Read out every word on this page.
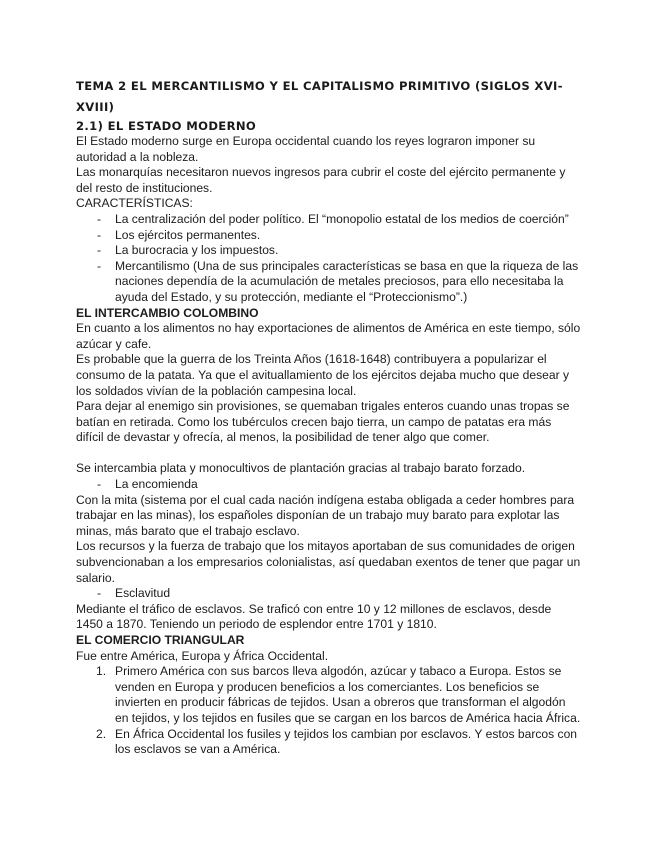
TEMA 2 EL MERCANTILISMO Y EL CAPITALISMO PRIMITIVO (SIGLOS XVI-XVIII)
2.1) EL ESTADO MODERNO

El Estado moderno surge en Europa occidental cuando los reyes lograron imponer su autoridad a la nobleza.

Las monarquías necesitaron nuevos ingresos para cubrir el coste del ejército permanente y del resto de instituciones.

CARACTERÍSTICAS:

- La centralización del poder político. El “monopolio estatal de los medios de coerción”
- Los ejércitos permanentes.
- La burocracia y los impuestos.
- Mercantilismo (Una de sus principales características se basa en que la riqueza de las naciones dependía de la acumulación de metales preciosos, para ello necesitaba la ayuda del Estado, y su protección, mediante el “Proteccionismo”.)
EL INTERCAMBIO COLOMBINO

En cuanto a los alimentos no hay exportaciones de alimentos de América en este tiempo, sólo azúcar y cafe.

Es probable que la guerra de los Treinta Años (1618-1648) contribuyera a popularizar el consumo de la patata. Ya que el avituallamiento de los ejércitos dejaba mucho que desear y los soldados vivían de la población campesina local.

Para dejar al enemigo sin provisiones, se quemaban trigales enteros cuando unas tropas se batían en retirada. Como los tubérculos crecen bajo tierra, un campo de patatas era más difícil de devastar y ofrecía, al menos, la posibilidad de tener algo que comer.

Se intercambia plata y monocultivos de plantación gracias al trabajo barato forzado.

- La encomienda

Con la mita (sistema por el cual cada nación indígena estaba obligada a ceder hombres para trabajar en las minas), los españoles disponían de un trabajo muy barato para explotar las minas, más barato que el trabajo esclavo.

Los recursos y la fuerza de trabajo que los mitayos aportaban de sus comunidades de origen subvencionaban a los empresarios colonialistas, así quedaban exentos de tener que pagar un salario.

- Esclavitud

Mediante el tráfico de esclavos. Se traficó con entre 10 y 12 millones de esclavos, desde 1450 a 1870. Teniendo un periodo de esplendor entre 1701 y 1810.

EL COMERCIO TRIANGULAR

Fue entre América, Europa y África Occidental.

1. Primero América con sus barcos lleva algodón, azúcar y tabaco a Europa. Estos se venden en Europa y producen beneficios a los comerciantes. Los beneficios se invierten en producir fábricas de tejidos. Usan a obreros que transforman el algodón en tejidos, y los tejidos en fusiles que se cargan en los barcos de América hacia África.
2. En África Occidental los fusiles y tejidos los cambian por esclavos. Y estos barcos con los esclavos se van a América.
